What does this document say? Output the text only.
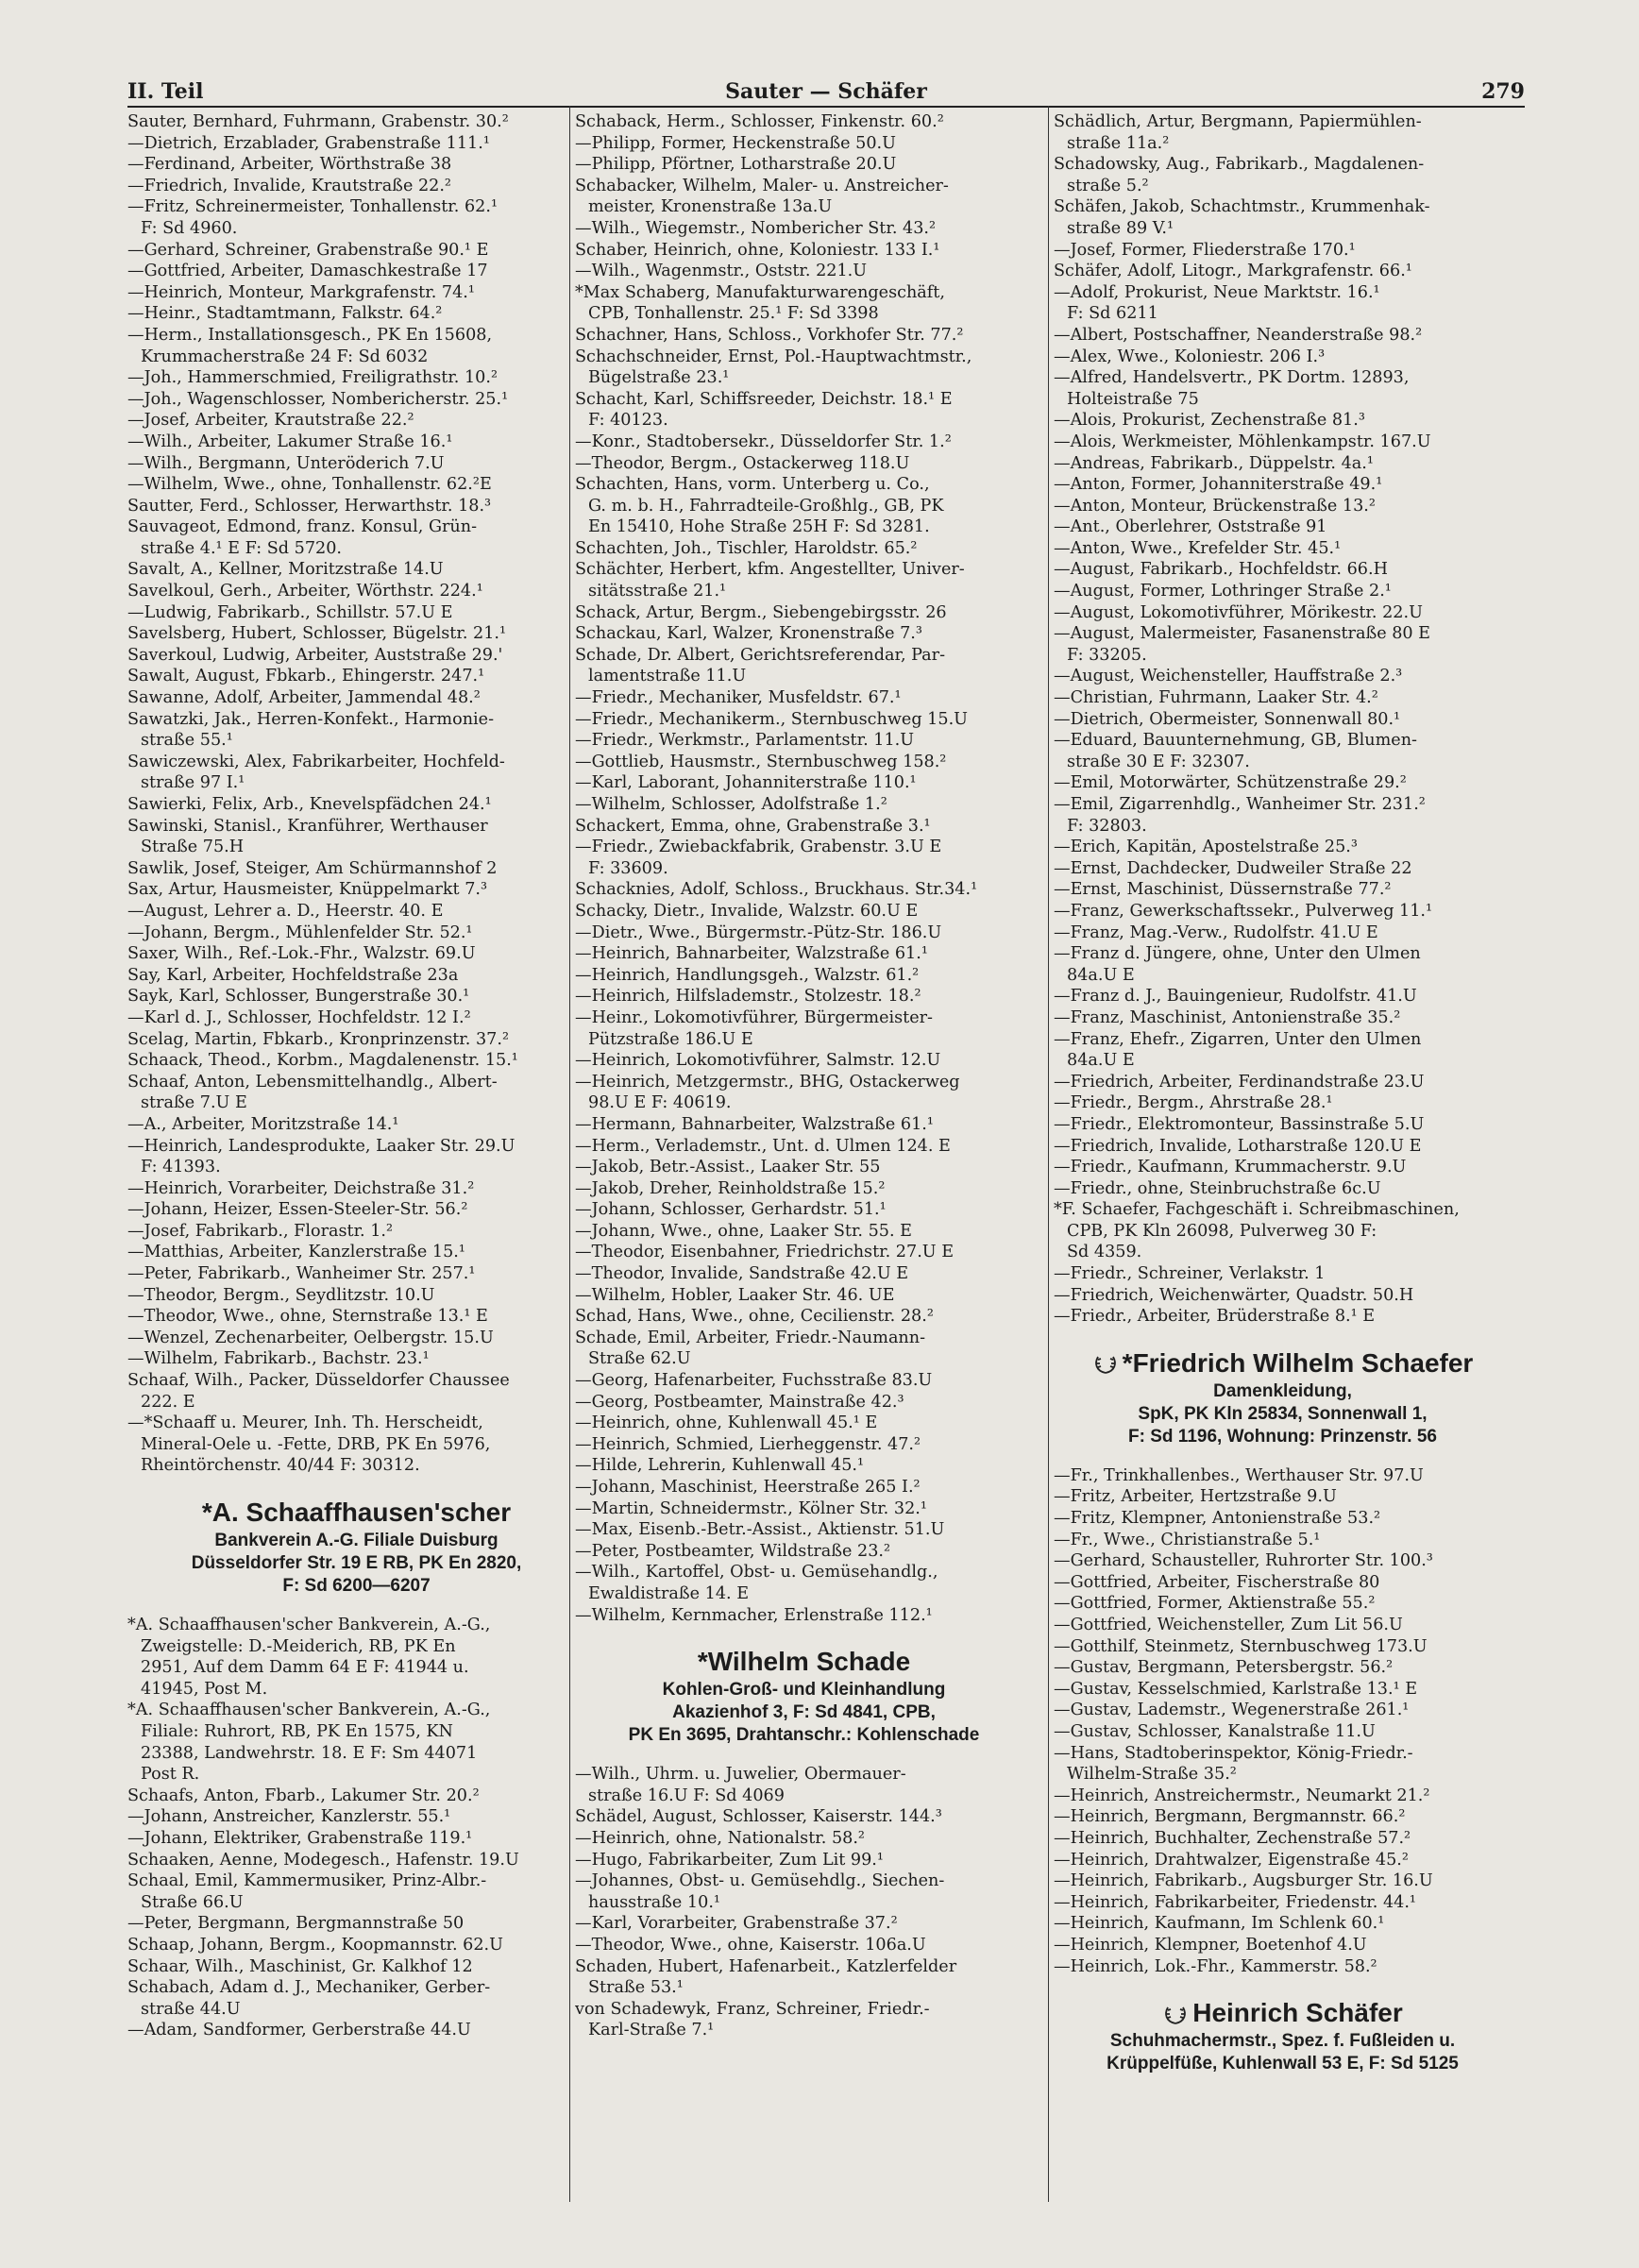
II. Teil	Sauter — Schäfer	279
Sauter, Bernhard, Fuhrmann, Grabenstr. 30.²
—Dietrich, Erzablader, Grabenstraße 111.¹
—Ferdinand, Arbeiter, Wörthstraße 38
—Friedrich, Invalide, Krautstraße 22.²
—Fritz, Schreinermeister, Tonhallenstr. 62.¹
F: Sd 4960.
—Gerhard, Schreiner, Grabenstraße 90.¹ E
—Gottfried, Arbeiter, Damaschkestraße 17
—Heinrich, Monteur, Markgrafenstr. 74.¹
—Heinr., Stadtamtmann, Falkstr. 64.²
—Herm., Installationsgesch., PK En 15608,
Krummacherstraße 24 F: Sd 6032
—Joh., Hammerschmied, Freiligrathstr. 10.²
—Joh., Wagenschlosser, Nombericherstr. 25.¹
—Josef, Arbeiter, Krautstraße 22.²
—Wilh., Arbeiter, Lakumer Straße 16.¹
—Wilh., Bergmann, Unteröderich 7.U
—Wilhelm, Wwe., ohne, Tonhallenstr. 62.²E
Sautter, Ferd., Schlosser, Herwarthstr. 18.³
Sauvageot, Edmond, franz. Konsul, Grün-
straße 4.¹ E F: Sd 5720.
Savalt, A., Kellner, Moritzstraße 14.U
Savelkoul, Gerh., Arbeiter, Wörthstr. 224.¹
—Ludwig, Fabrikarb., Schillstr. 57.U E
Savelsberg, Hubert, Schlosser, Bügelstr. 21.¹
Saverkoul, Ludwig, Arbeiter, Auststraße 29.'
Sawalt, August, Fbkarb., Ehingerstr. 247.¹
Sawanne, Adolf, Arbeiter, Jammendal 48.²
Sawatzki, Jak., Herren-Konfekt., Harmonie-
straße 55.¹
Sawiczewski, Alex, Fabrikarbeiter, Hochfeld-
straße 97 I.¹
Sawierki, Felix, Arb., Knevelspfädchen 24.¹
Sawinski, Stanisl., Kranführer, Werthauser
Straße 75.H
Sawlik, Josef, Steiger, Am Schürmannshof 2
Sax, Artur, Hausmeister, Knüppelmarkt 7.³
—August, Lehrer a. D., Heerstr. 40. E
—Johann, Bergm., Mühlenfelder Str. 52.¹
Saxer, Wilh., Ref.-Lok.-Fhr., Walzstr. 69.U
Say, Karl, Arbeiter, Hochfeldstraße 23a
Sayk, Karl, Schlosser, Bungerstraße 30.¹
—Karl d. J., Schlosser, Hochfeldstr. 12 I.²
Scelag, Martin, Fbkarb., Kronprinzenstr. 37.²
Schaack, Theod., Korbm., Magdalenenstr. 15.¹
Schaaf, Anton, Lebensmittelhandlg., Albert-
straße 7.U E
—A., Arbeiter, Moritzstraße 14.¹
—Heinrich, Landesprodukte, Laaker Str. 29.U
F: 41393.
—Heinrich, Vorarbeiter, Deichstraße 31.²
—Johann, Heizer, Essen-Steeler-Str. 56.²
—Josef, Fabrikarb., Florastr. 1.²
—Matthias, Arbeiter, Kanzlerstraße 15.¹
—Peter, Fabrikarb., Wanheimer Str. 257.¹
—Theodor, Bergm., Seydlitzstr. 10.U
—Theodor, Wwe., ohne, Sternstraße 13.¹ E
—Wenzel, Zechenarbeiter, Oelbergstr. 15.U
—Wilhelm, Fabrikarb., Bachstr. 23.¹
Schaaf, Wilh., Packer, Düsseldorfer Chaussee
222. E
—*Schaaff u. Meurer, Inh. Th. Herscheidt,
Mineral-Oele u. -Fette, DRB, PK En 5976,
Rheintörchenstr. 40/44 F: 30312.
*A. Schaaffhausen'scher
Bankverein A.-G. Filiale Duisburg
Düsseldorfer Str. 19 E RB, PK En 2820,
F: Sd 6200—6207
*A. Schaaffhausen'scher Bankverein, A.-G.,
Zweigstelle: D.-Meiderich, RB, PK En
2951, Auf dem Damm 64 E F: 41944 u.
41945, Post M.
*A. Schaaffhausen'scher Bankverein, A.-G.,
Filiale: Ruhrort, RB, PK En 1575, KN
23388, Landwehrstr. 18. E F: Sm 44071
Post R.
Schaafs, Anton, Fbarb., Lakumer Str. 20.²
—Johann, Anstreicher, Kanzlerstr. 55.¹
—Johann, Elektriker, Grabenstraße 119.¹
Schaaken, Aenne, Modegesch., Hafenstr. 19.U
Schaal, Emil, Kammermusiker, Prinz-Albr.-
Straße 66.U
—Peter, Bergmann, Bergmannstraße 50
Schaap, Johann, Bergm., Koopmannstr. 62.U
Schaar, Wilh., Maschinist, Gr. Kalkhof 12
Schabach, Adam d. J., Mechaniker, Gerber-
straße 44.U
—Adam, Sandformer, Gerberstraße 44.U
Schaback, Herm., Schlosser, Finkenstr. 60.²
—Philipp, Former, Heckenstraße 50.U
—Philipp, Pförtner, Lotharstraße 20.U
Schabacker, Wilhelm, Maler- u. Anstreicher-
meister, Kronenstraße 13a.U
—Wilh., Wiegemstr., Nombericher Str. 43.²
Schaber, Heinrich, ohne, Koloniestr. 133 I.¹
—Wilh., Wagenmstr., Oststr. 221.U
*Max Schaberg, Manufakturwarengeschäft,
CPB, Tonhallenstr. 25.¹ F: Sd 3398
Schachner, Hans, Schloss., Vorkhofer Str. 77.²
Schachschneider, Ernst, Pol.-Hauptwachtmstr.,
Bügelstraße 23.¹
Schacht, Karl, Schiffsreeder, Deichstr. 18.¹ E
F: 40123.
—Konr., Stadtobersekr., Düsseldorfer Str. 1.²
—Theodor, Bergm., Ostackerweg 118.U
Schachten, Hans, vorm. Unterberg u. Co.,
G. m. b. H., Fahrradteile-Großhlg., GB, PK
En 15410, Hohe Straße 25H F: Sd 3281.
Schachten, Joh., Tischler, Haroldstr. 65.²
Schächter, Herbert, kfm. Angestellter, Univer-
sitätsstraße 21.¹
Schack, Artur, Bergm., Siebengebirgsstr. 26
Schackau, Karl, Walzer, Kronenstraße 7.³
Schade, Dr. Albert, Gerichtsreferendar, Par-
lamentstraße 11.U
—Friedr., Mechaniker, Musfeldstr. 67.¹
—Friedr., Mechanikerm., Sternbuschweg 15.U
—Friedr., Werkmstr., Parlamentstr. 11.U
—Gottlieb, Hausmstr., Sternbuschweg 158.²
—Karl, Laborant, Johanniterstraße 110.¹
—Wilhelm, Schlosser, Adolfstraße 1.²
Schackert, Emma, ohne, Grabenstraße 3.¹
—Friedr., Zwiebackfabrik, Grabenstr. 3.U E
F: 33609.
Schacknies, Adolf, Schloss., Bruckhaus. Str.34.¹
Schacky, Dietr., Invalide, Walzstr. 60.U E
—Dietr., Wwe., Bürgermstr.-Pütz-Str. 186.U
—Heinrich, Bahnarbeiter, Walzstraße 61.¹
—Heinrich, Handlungsgeh., Walzstr. 61.²
—Heinrich, Hilfslademstr., Stolzestr. 18.²
—Heinr., Lokomotivführer, Bürgermeister-
Pützstraße 186.U E
—Heinrich, Lokomotivführer, Salmstr. 12.U
—Heinrich, Metzgermstr., BHG, Ostackerweg
98.U E F: 40619.
—Hermann, Bahnarbeiter, Walzstraße 61.¹
—Herm., Verlademstr., Unt. d. Ulmen 124. E
—Jakob, Betr.-Assist., Laaker Str. 55
—Jakob, Dreher, Reinholdstraße 15.²
—Johann, Schlosser, Gerhardstr. 51.¹
—Johann, Wwe., ohne, Laaker Str. 55. E
—Theodor, Eisenbahner, Friedrichstr. 27.U E
—Theodor, Invalide, Sandstraße 42.U E
—Wilhelm, Hobler, Laaker Str. 46. UE
Schad, Hans, Wwe., ohne, Cecilienstr. 28.²
Schade, Emil, Arbeiter, Friedr.-Naumann-
Straße 62.U
—Georg, Hafenarbeiter, Fuchsstraße 83.U
—Georg, Postbeamter, Mainstraße 42.³
—Heinrich, ohne, Kuhlenwall 45.¹ E
—Heinrich, Schmied, Lierheggenstr. 47.²
—Hilde, Lehrerin, Kuhlenwall 45.¹
—Johann, Maschinist, Heerstraße 265 I.²
—Martin, Schneidermstr., Kölner Str. 32.¹
—Max, Eisenb.-Betr.-Assist., Aktienstr. 51.U
—Peter, Postbeamter, Wildstraße 23.²
—Wilh., Kartoffel, Obst- u. Gemüsehandlg.,
Ewaldistraße 14. E
—Wilhelm, Kernmacher, Erlenstraße 112.¹
*Wilhelm Schade
Kohlen-Groß- und Kleinhandlung
Akazienhof 3, F: Sd 4841, CPB,
PK En 3695, Drahtanschr.: Kohlenschade
—Wilh., Uhrm. u. Juwelier, Obermauer-
straße 16.U F: Sd 4069
Schädel, August, Schlosser, Kaiserstr. 144.³
—Heinrich, ohne, Nationalstr. 58.²
—Hugo, Fabrikarbeiter, Zum Lit 99.¹
—Johannes, Obst- u. Gemüsehdlg., Siechen-
hausstraße 10.¹
—Karl, Vorarbeiter, Grabenstraße 37.²
—Theodor, Wwe., ohne, Kaiserstr. 106a.U
Schaden, Hubert, Hafenarbeit., Katzlerfelder
Straße 53.¹
von Schadewyk, Franz, Schreiner, Friedr.-
Karl-Straße 7.¹
Schädlich, Artur, Bergmann, Papiermühlen-
straße 11a.²
Schadowsky, Aug., Fabrikarb., Magdalenen-
straße 5.²
Schäfen, Jakob, Schachtmstr., Krummenhak-
straße 89 V.¹
—Josef, Former, Fliederstraße 170.¹
Schäfer, Adolf, Litogr., Markgrafenstr. 66.¹
—Adolf, Prokurist, Neue Marktstr. 16.¹
F: Sd 6211
—Albert, Postschaffner, Neanderstraße 98.²
—Alex, Wwe., Koloniestr. 206 I.³
—Alfred, Handelsvertr., PK Dortm. 12893,
Holteistraße 75
—Alois, Prokurist, Zechenstraße 81.³
—Alois, Werkmeister, Möhlenkampstr. 167.U
—Andreas, Fabrikarb., Düppelstr. 4a.¹
—Anton, Former, Johanniterstraße 49.¹
—Anton, Monteur, Brückenstraße 13.²
—Ant., Oberlehrer, Oststraße 91
—Anton, Wwe., Krefelder Str. 45.¹
—August, Fabrikarb., Hochfeldstr. 66.H
—August, Former, Lothringer Straße 2.¹
—August, Lokomotivführer, Mörikestr. 22.U
—August, Malermeister, Fasanenstraße 80 E
F: 33205.
—August, Weichensteller, Hauffstraße 2.³
—Christian, Fuhrmann, Laaker Str. 4.²
—Dietrich, Obermeister, Sonnenwall 80.¹
—Eduard, Bauunternehmung, GB, Blumen-
straße 30 E F: 32307.
—Emil, Motorwärter, Schützenstraße 29.²
—Emil, Zigarrenhdlg., Wanheimer Str. 231.²
F: 32803.
—Erich, Kapitän, Apostelstraße 25.³
—Ernst, Dachdecker, Dudweiler Straße 22
—Ernst, Maschinist, Düssernstraße 77.²
—Franz, Gewerkschaftssekr., Pulverweg 11.¹
—Franz, Mag.-Verw., Rudolfstr. 41.U E
—Franz d. Jüngere, ohne, Unter den Ulmen
84a.U E
—Franz d. J., Bauingenieur, Rudolfstr. 41.U
—Franz, Maschinist, Antonienstraße 35.²
—Franz, Ehefr., Zigarren, Unter den Ulmen
84a.U E
—Friedrich, Arbeiter, Ferdinandstraße 23.U
—Friedr., Bergm., Ahrstraße 28.¹
—Friedr., Elektromonteur, Bassinstraße 5.U
—Friedrich, Invalide, Lotharstraße 120.U E
—Friedr., Kaufmann, Krummacherstr. 9.U
—Friedr., ohne, Steinbruchstraße 6c.U
*F. Schaefer, Fachgeschäft i. Schreibmaschinen,
CPB, PK Kln 26098, Pulverweg 30 F:
Sd 4359.
—Friedr., Schreiner, Verlakstr. 1
—Friedrich, Weichenwärter, Quadstr. 50.H
—Friedr., Arbeiter, Brüderstraße 8.¹ E
*Friedrich Wilhelm Schaefer
Damenkleidung,
SpK, PK Kln 25834, Sonnenwall 1,
F: Sd 1196, Wohnung: Prinzenstr. 56
—Fr., Trinkhallenbes., Werthauser Str. 97.U
—Fritz, Arbeiter, Hertzstraße 9.U
—Fritz, Klempner, Antonienstraße 53.²
—Fr., Wwe., Christianstraße 5.¹
—Gerhard, Schausteller, Ruhrorter Str. 100.³
—Gottfried, Arbeiter, Fischerstraße 80
—Gottfried, Former, Aktienstraße 55.²
—Gottfried, Weichensteller, Zum Lit 56.U
—Gotthilf, Steinmetz, Sternbuschweg 173.U
—Gustav, Bergmann, Petersbergstr. 56.²
—Gustav, Kesselschmied, Karlstraße 13.¹ E
—Gustav, Lademstr., Wegenerstraße 261.¹
—Gustav, Schlosser, Kanalstraße 11.U
—Hans, Stadtoberinspektor, König-Friedr.-
Wilhelm-Straße 35.²
—Heinrich, Anstreichermstr., Neumarkt 21.²
—Heinrich, Bergmann, Bergmannstr. 66.²
—Heinrich, Buchhalter, Zechenstraße 57.²
—Heinrich, Drahtwalzer, Eigenstraße 45.²
—Heinrich, Fabrikarb., Augsburger Str. 16.U
—Heinrich, Fabrikarbeiter, Friedenstr. 44.¹
—Heinrich, Kaufmann, Im Schlenk 60.¹
—Heinrich, Klempner, Boetenhof 4.U
—Heinrich, Lok.-Fhr., Kammerstr. 58.²
Heinrich Schäfer
Schuhmachermstr., Spez. f. Fußleiden u.
Krüppelfüße, Kuhlenwall 53 E, F: Sd 5125
